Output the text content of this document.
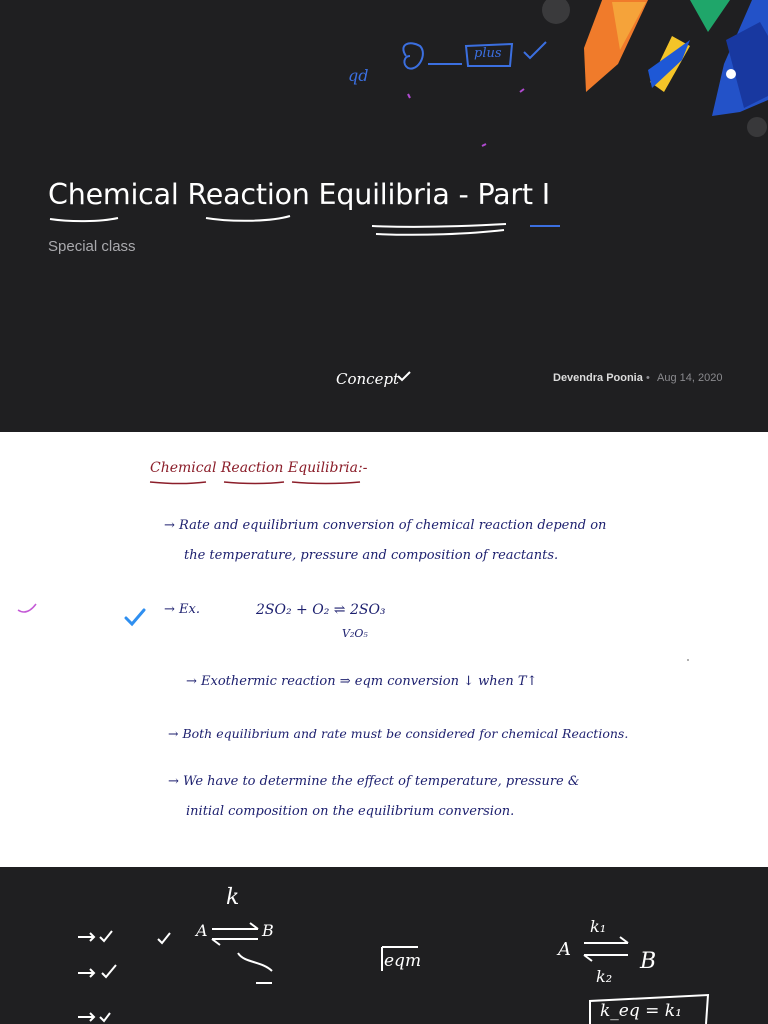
qd
plus
Chemical Reaction Equilibria - Part I
Special class
Concept	Devendra Poonia • Aug 14, 2020
Chemical Reaction Equilibria:-
→ Rate and equilibrium conversion of chemical reaction depend on
the temperature, pressure and composition of reactants.
→ Ex.	2SO₂ + O₂ ⇌ 2SO₃
V₂O₅
→ Exothermic reaction ⇒ eqm conversion ↓ when T↑
→ Both equilibrium and rate must be considered for chemical Reactions.
→ We have to determine the effect of temperature, pressure &
initial composition on the equilibrium conversion.
k
A	B
eqm
k₁
k₂
A	B
k_eq = k₁
